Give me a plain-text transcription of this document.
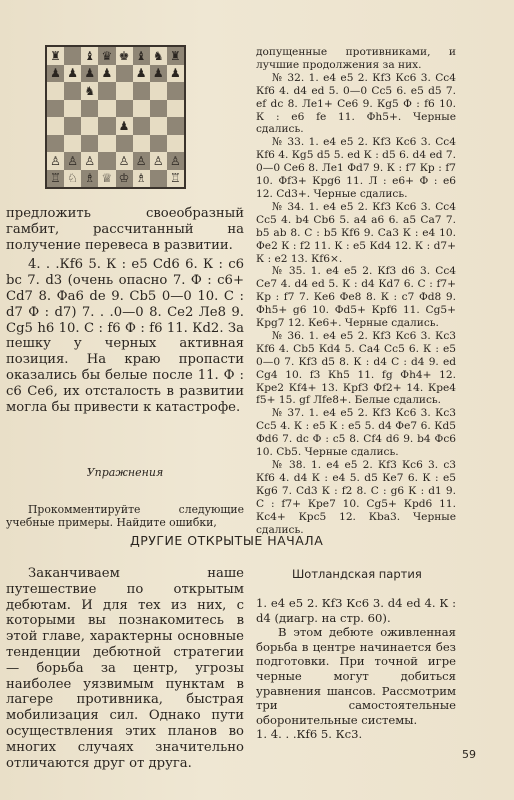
♜ ♝ ♛ ♚ ♝ ♞ ♜
♟ ♟ ♟ ♟ ♟ ♟ ♟
♞
♟
♙ ♙ ♙ ♙ ♙ ♙ ♙
♖ ♘ ♗ ♕ ♔ ♗ ♖

предложить своеобразный гамбит, рассчитанный на получение перевеса в развитии.

4. . .Кf6 5. К : e5 Cd6 6. К : c6 bc 7. d3 (очень опасно 7. Ф : c6+ Cd7 8. Фа6 de 9. Cb5 0—0 10. С : d7 Ф : d7) 7. . .0—0 8. Се2 Ле8 9. Cg5 h6 10. C : f6 Ф : f6 11. Кd2. За пешку у черных активная позиция. На краю пропасти оказались бы белые после 11. Ф : c6 Ce6, их отсталость в развитии могла бы привести к катастрофе.

Упражнения

Прокомментируйте следующие учебные примеры. Найдите ошибки,

ДРУГИЕ ОТКРЫТЫЕ НАЧАЛА

Заканчиваем наше путешествие по открытым дебютам. И для тех из них, с которыми вы познакомитесь в этой главе, характерны основные тенденции дебютной стратегии — борьба за центр, угрозы наиболее уязвимым пунктам в лагере противника, быстрая мобилизация сил. Однако пути осуществления этих планов во многих случаях значительно отличаются друг от друга.

допущенные противниками, и лучшие продолжения за них.

№ 32. 1. e4 e5 2. Кf3 Кc6 3. Cc4 Кf6 4. d4 ed 5. 0—0 Cc5 6. e5 d5 7. ef dc 8. Ле1+ Ce6 9. Кg5 Ф : f6 10. К : e6 fe 11. Фh5+. Черные сдались.

№ 33. 1. e4 e5 2. Кf3 Кc6 3. Cc4 Кf6 4. Кg5 d5 5. ed К : d5 6. d4 ed 7. 0—0 Ce6 8. Ле1 Фd7 9. К : f7 Кр : f7 10. Фf3+ Крg6 11. Л : e6+ Ф : e6 12. Cd3+. Черные сдались.

№ 34. 1. e4 e5 2. Кf3 Кc6 3. Cc4 Cc5 4. b4 Cb6 5. a4 a6 6. a5 Ca7 7. b5 ab 8. C : b5 Кf6 9. Ca3 К : e4 10. Фe2 К : f2 11. К : e5 Кd4 12. К : d7+ К : e2 13. Кf6×.

№ 35. 1. e4 e5 2. Кf3 d6 3. Cc4 Ce7 4. d4 ed 5. К : d4 Кd7 6. C : f7+ Кр : f7 7. Кe6 Фe8 8. К : c7 Фd8 9. Фh5+ g6 10. Фd5+ Кpf6 11. Cg5+ Кpg7 12. Кe6+. Черные сдались.

№ 36. 1. e4 e5 2. Кf3 Кc6 3. Кc3 Кf6 4. Cb5 Кd4 5. Ca4 Cc5 6. К : e5 0—0 7. Кf3 d5 8. К : d4 C : d4 9. ed Cg4 10. f3 Кh5 11. fg Фh4+ 12. Крe2 Кf4+ 13. Крf3 Фf2+ 14. Крe4 f5+ 15. gf Лfe8+. Белые сдались.

№ 37. 1. e4 e5 2. Кf3 Кc6 3. Кc3 Cc5 4. К : e5 К : e5 5. d4 Фe7 6. Кd5 Фd6 7. dc Ф : c5 8. Cf4 d6 9. b4 Фc6 10. Cb5. Черные сдались.

№ 38. 1. e4 e5 2. Кf3 Кc6 3. c3 Кf6 4. d4 К : e4 5. d5 Кe7 6. К : e5 Кg6 7. Cd3 К : f2 8. C : g6 К : d1 9. C : f7+ Крe7 10. Cg5+ Крd6 11. Кc4+ Крc5 12. Кbа3. Черные сдались.

Шотландская партия

1. e4 e5 2. Кf3 Кc6 3. d4 ed 4. К : d4 (диагр. на стр. 60).

В этом дебюте оживленная борьба в центре начинается без подготовки. При точной игре черные могут добиться уравнения шансов. Рассмотрим три самостоятельные оборонительные системы.

1. 4. . .Кf6 5. Кc3.

59
